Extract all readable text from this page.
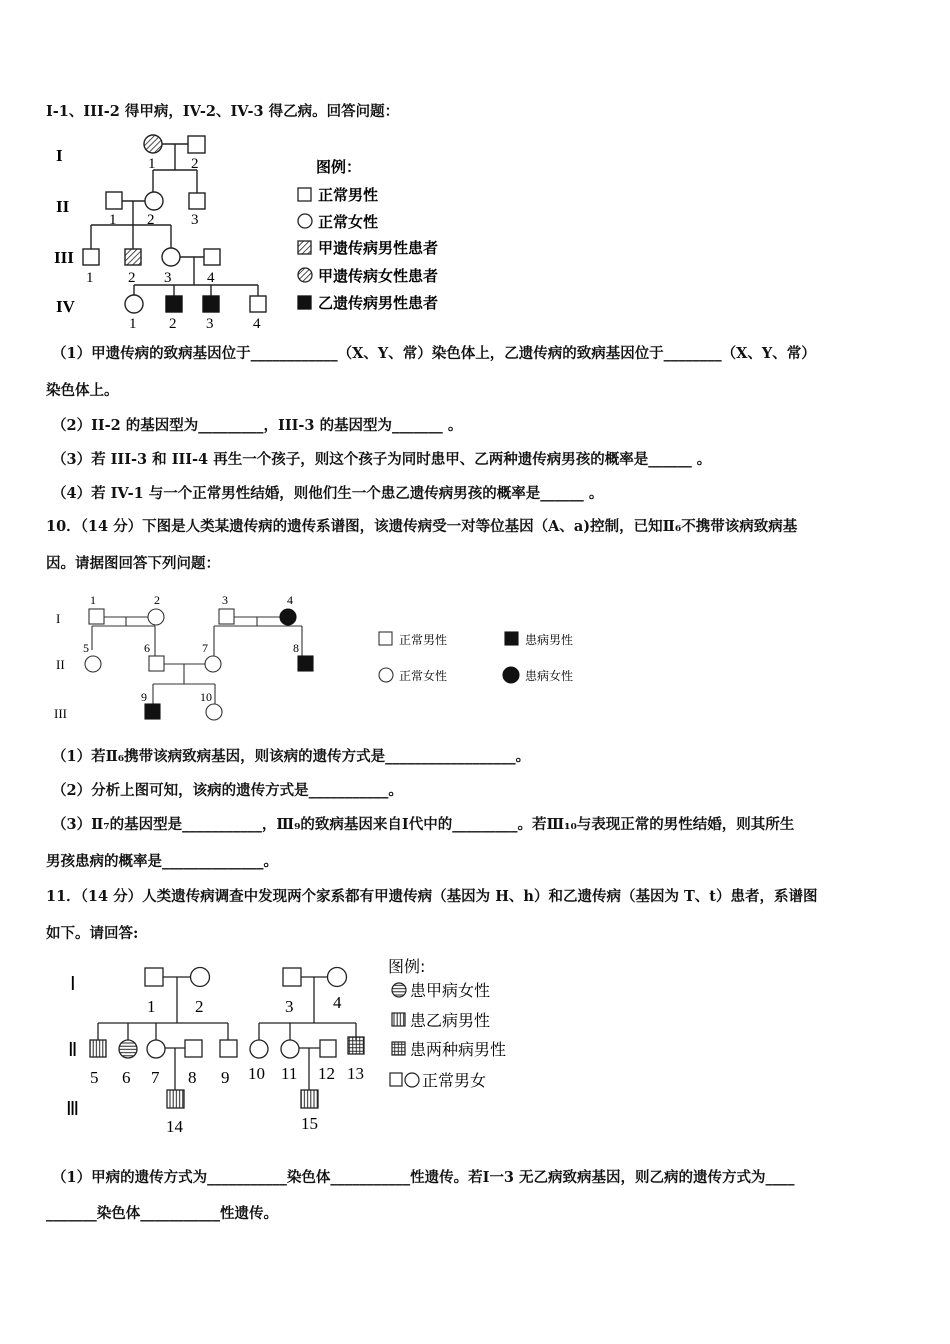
I-1、III-2 得甲病，IV-2、IV-3 得乙病。回答问题：
I
II
III
IV
1 2
1 2 3
1 2 3 4
1 2 3	4
图例：
正常男性
正常女性
甲遗传病男性患者
甲遗传病女性患者
乙遗传病男性患者
（1）甲遗传病的致病基因位于____________（X、Y、常）染色体上，乙遗传病的致病基因位于________（X、Y、常）
染色体上。
（2）II-2 的基因型为_________，III-3 的基因型为_______ 。
（3）若 III-3 和 III-4 再生一个孩子，则这个孩子为同时患甲、乙两种遗传病男孩的概率是______ 。
（4）若 IV-1 与一个正常男性结婚，则他们生一个患乙遗传病男孩的概率是______ 。
10．（14 分）下图是人类某遗传病的遗传系谱图，该遗传病受一对等位基因（A、a)控制，已知Ⅱ₆不携带该病致病基
因。请据图回答下列问题：
I
II
III
1	2	3	4
5	6	7	8
9	10
正常男性	患病男性
正常女性	患病女性
（1）若Ⅱ₆携带该病致病基因，则该病的遗传方式是__________________。
（2）分析上图可知，该病的遗传方式是___________。
（3）Ⅱ₇的基因型是___________，Ⅲ₉的致病基因来自Ⅰ代中的_________。若Ⅲ₁₀与表现正常的男性结婚，则其所生
男孩患病的概率是______________。
11．（14 分）人类遗传病调查中发现两个家系都有甲遗传病（基因为 H、h）和乙遗传病（基因为 T、t）患者，系谱图
如下。请回答:
Ⅰ
Ⅱ
Ⅲ
1 2	3 4
5 6 7 8 9 10 11 12 13
14	15
图例:
患甲病女性
患乙病男性
患两种病男性
正常男女
（1）甲病的遗传方式为___________染色体___________性遗传。若Ⅰ一3 无乙病致病基因，则乙病的遗传方式为____
_______染色体___________性遗传。
